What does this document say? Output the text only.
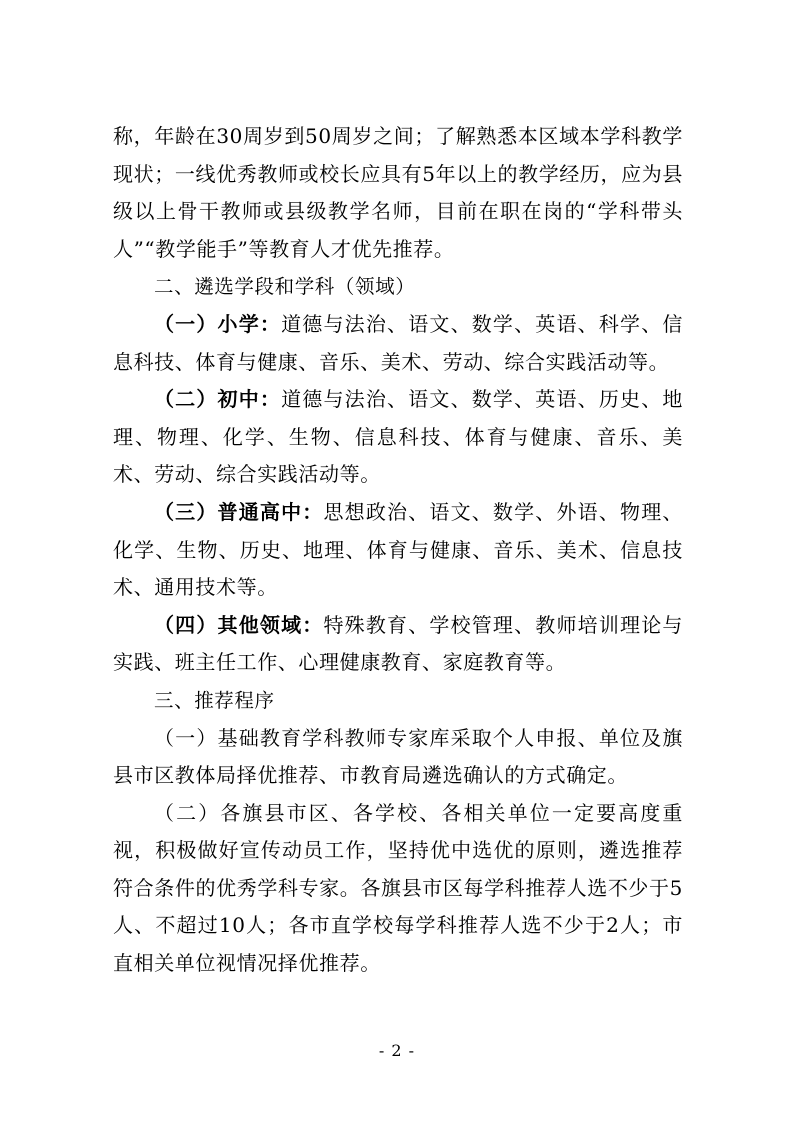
称，年龄在30周岁到50周岁之间；了解熟悉本区域本学科教学现状；一线优秀教师或校长应具有5年以上的教学经历，应为县级以上骨干教师或县级教学名师，目前在职在岗的“学科带头人”“教学能手”等教育人才优先推荐。

二、遴选学段和学科（领域）

（一）小学：道德与法治、语文、数学、英语、科学、信息科技、体育与健康、音乐、美术、劳动、综合实践活动等。

（二）初中：道德与法治、语文、数学、英语、历史、地理、物理、化学、生物、信息科技、体育与健康、音乐、美术、劳动、综合实践活动等。

（三）普通高中：思想政治、语文、数学、外语、物理、化学、生物、历史、地理、体育与健康、音乐、美术、信息技术、通用技术等。

（四）其他领域：特殊教育、学校管理、教师培训理论与实践、班主任工作、心理健康教育、家庭教育等。

三、推荐程序

（一）基础教育学科教师专家库采取个人申报、单位及旗县市区教体局择优推荐、市教育局遴选确认的方式确定。

（二）各旗县市区、各学校、各相关单位一定要高度重视，积极做好宣传动员工作，坚持优中选优的原则，遴选推荐符合条件的优秀学科专家。各旗县市区每学科推荐人选不少于5人、不超过10人；各市直学校每学科推荐人选不少于2人；市直相关单位视情况择优推荐。

- 2 -
